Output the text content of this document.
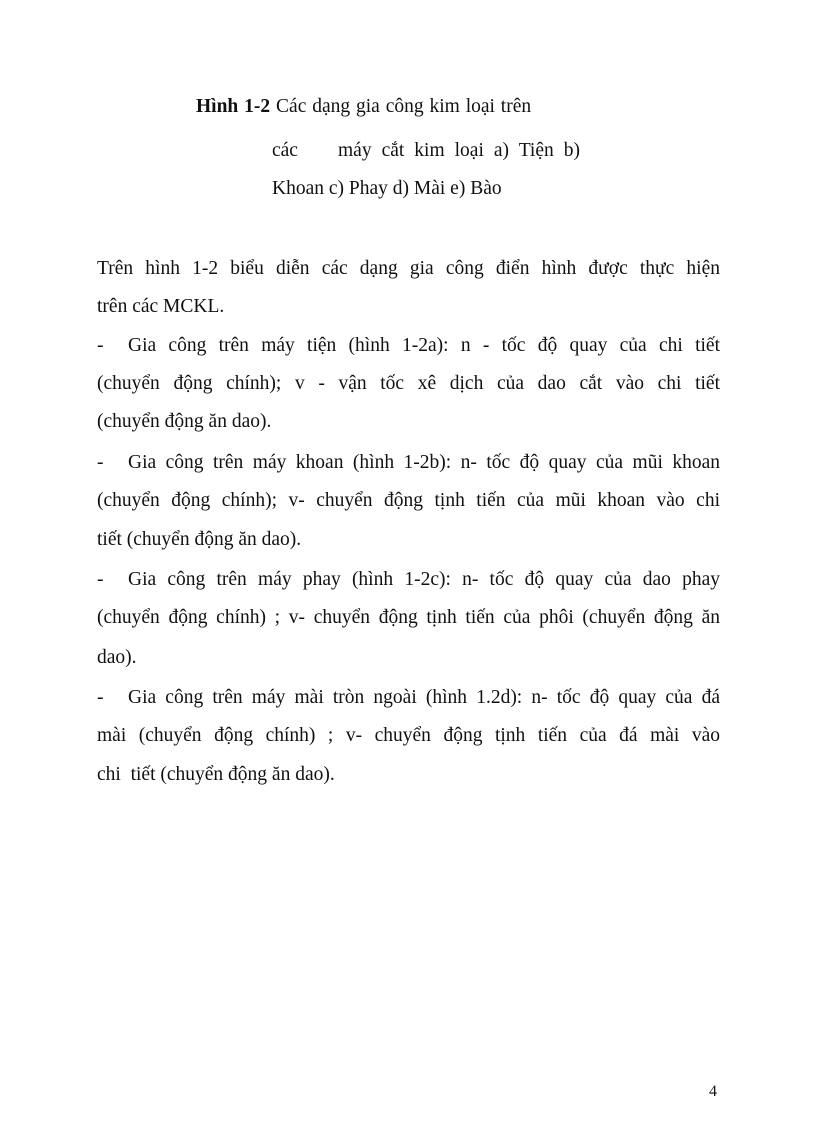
Hình 1-2 Các dạng gia công kim loại trên
các    máy cắt kim loại a) Tiện b)
Khoan c) Phay d) Mài e) Bào
Trên hình 1-2 biểu diễn các dạng gia công điển hình được thực hiện
trên các MCKL.
- Gia công trên máy tiện (hình 1-2a): n - tốc độ quay của chi tiết
(chuyển động chính); v - vận tốc xê dịch của dao cắt vào chi tiết
(chuyển động ăn dao).
- Gia công trên máy khoan (hình 1-2b): n- tốc độ quay của mũi khoan
(chuyển động chính); v- chuyển động tịnh tiến của mũi khoan vào chi
tiết (chuyển động ăn dao).
- Gia công trên máy phay (hình 1-2c): n- tốc độ quay của dao phay
(chuyển động chính) ; v- chuyển động tịnh tiến của phôi (chuyển động ăn
dao).
- Gia công trên máy mài tròn ngoài (hình 1.2d): n- tốc độ quay của đá
mài (chuyển động chính) ; v- chuyển động tịnh tiến của đá mài vào
chi  tiết (chuyển động ăn dao).
4
